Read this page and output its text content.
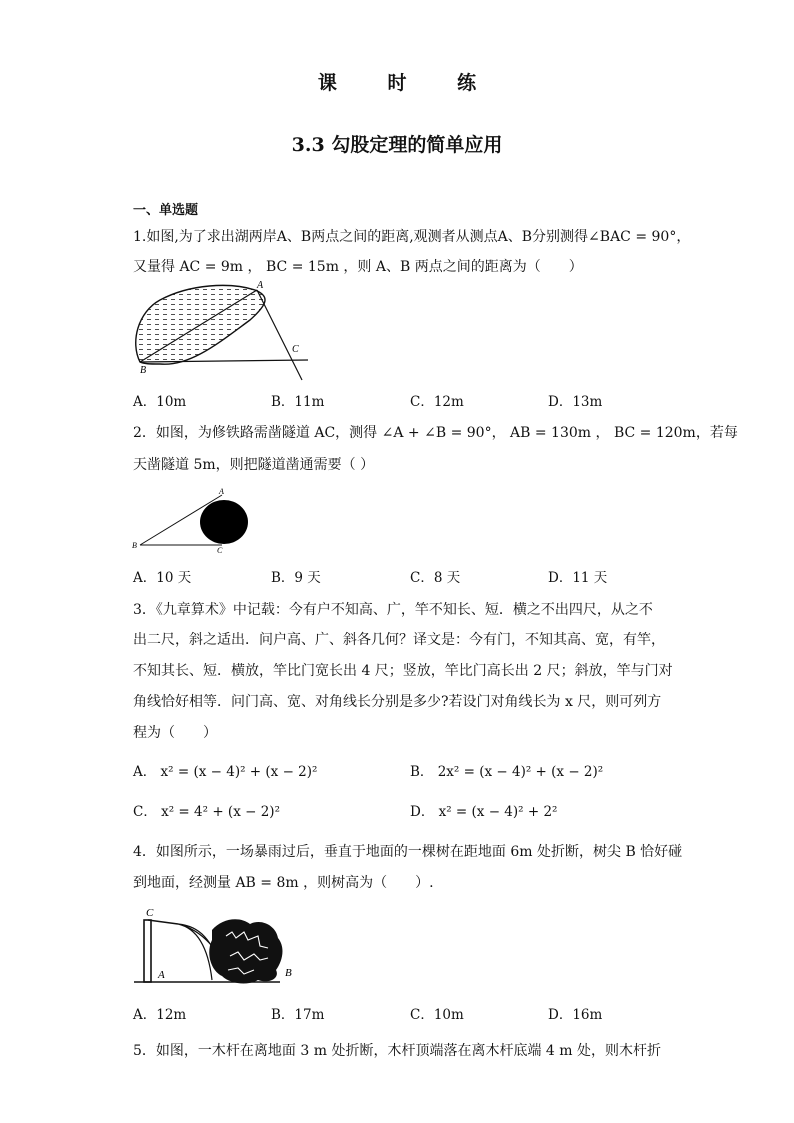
课 时 练
3.3 勾股定理的简单应用
一、单选题
1.如图,为了求出湖两岸A、B两点之间的距离,观测者从测点A、B分别测得∠BAC = 90°，
又量得 AC = 9m ， BC = 15m ，则 A、B 两点之间的距离为（　　）
A
B
C
A．10m	B．11m	C．12m	D．13m
2．如图，为修铁路需凿隧道 AC，测得 ∠A + ∠B = 90°， AB = 130m ， BC = 120m，若每
天凿隧道 5m，则把隧道凿通需要（ ）
A
B
C
A．10 天	B．9 天	C．8 天	D．11 天
3．《九章算术》中记载：今有户不知高、广，竿不知长、短．横之不出四尺，从之不
出二尺，斜之适出．问户高、广、斜各几何？译文是：今有门，不知其高、宽，有竿，
不知其长、短．横放，竿比门宽长出 4 尺；竖放，竿比门高长出 2 尺；斜放，竿与门对
角线恰好相等．问门高、宽、对角线长分别是多少?若设门对角线长为 x 尺，则可列方
程为（　　）
A． x² = (x − 4)² + (x − 2)²	B． 2x² = (x − 4)² + (x − 2)²
C． x² = 4² + (x − 2)²	D． x² = (x − 4)² + 2²
4．如图所示，一场暴雨过后，垂直于地面的一棵树在距地面 6m 处折断，树尖 B 恰好碰
到地面，经测量 AB = 8m ，则树高为（　　）.
C
A	B
A．12m	B．17m	C．10m	D．16m
5．如图，一木杆在离地面 3 m 处折断，木杆顶端落在离木杆底端 4 m 处，则木杆折
